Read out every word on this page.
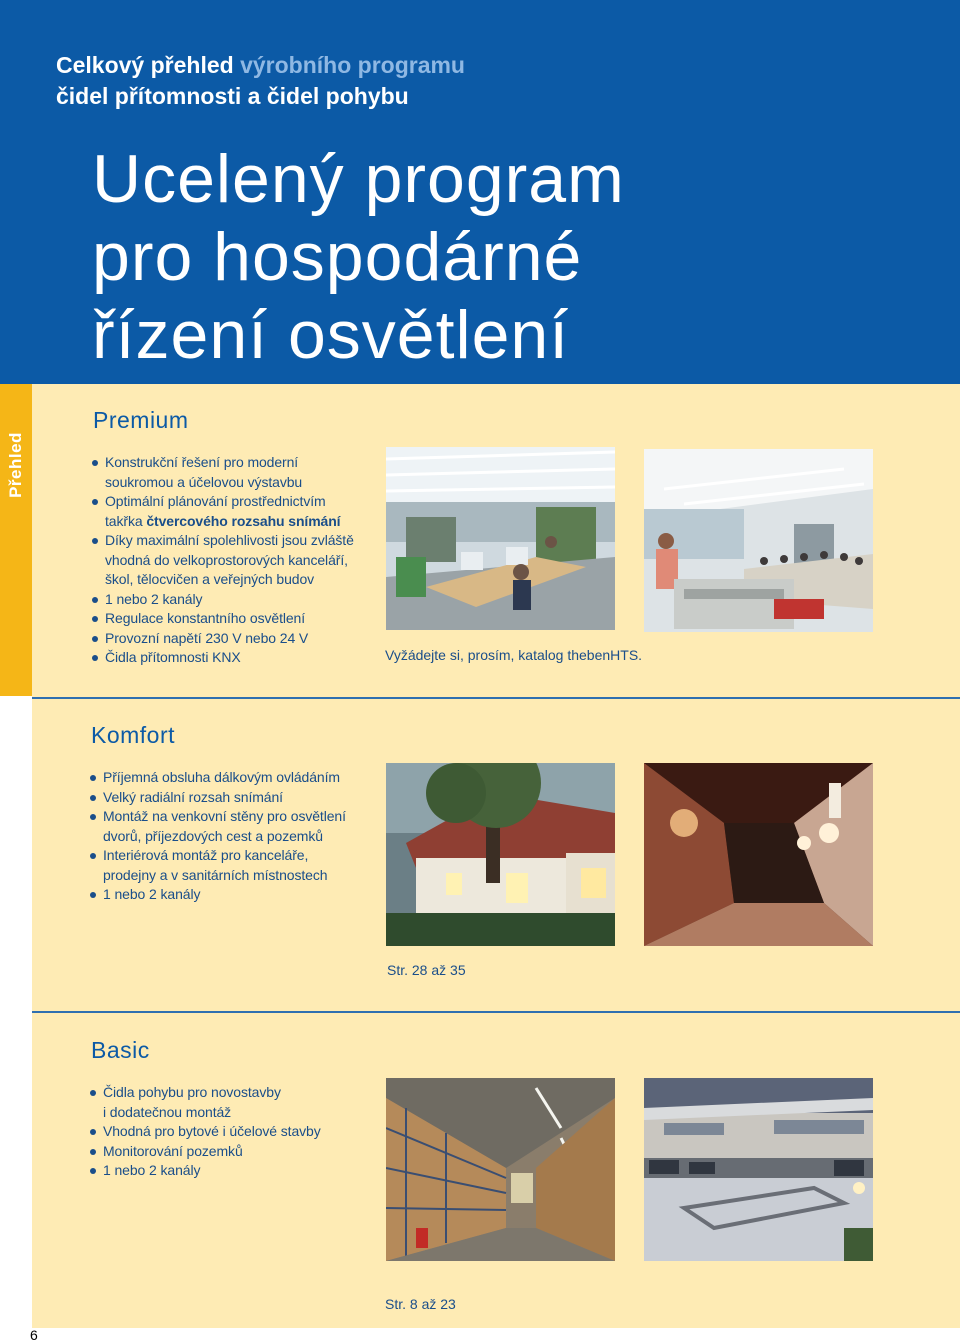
Celkový přehled výrobního programu
čidel přítomnosti a čidel pohybu
Ucelený program
pro hospodárné
řízení osvětlení
Přehled
Premium
Konstrukční řešení pro moderní
soukromou a účelovou výstavbu
Optimální plánování prostřednictvím
takřka čtvercového rozsahu snímání
Díky maximální spolehlivosti jsou zvláště
vhodná do velkoprostorových kanceláří,
škol, tělocvičen a veřejných budov
1 nebo 2 kanály
Regulace konstantního osvětlení
Provozní napětí 230 V nebo 24 V
Čidla přítomnosti KNX	Vyžádejte si, prosím, katalog thebenHTS.
Komfort
Příjemná obsluha dálkovým ovládáním
Velký radiální rozsah snímání
Montáž na venkovní stěny pro osvětlení
dvorů, příjezdových cest a pozemků
Interiérová montáž pro kanceláře,
prodejny a v sanitárních místnostech
1 nebo 2 kanály
Str. 28 až 35
Basic
Čidla pohybu pro novostavby
i dodatečnou montáž
Vhodná pro bytové i účelové stavby
Monitorování pozemků
1 nebo 2 kanály
Str. 8 až 23
6
